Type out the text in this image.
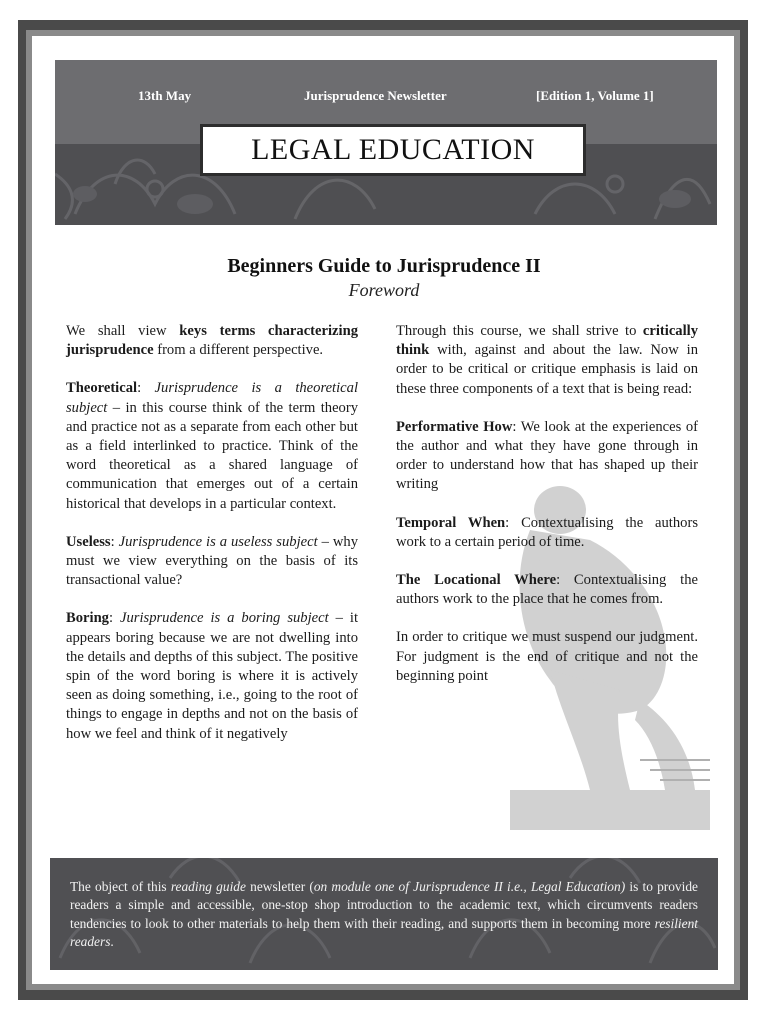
13th May	Jurisprudence Newsletter	[Edition 1, Volume 1]
LEGAL EDUCATION
Beginners Guide to Jurisprudence II
Foreword

We shall view keys terms characterizing jurisprudence from a different perspective.

Theoretical: Jurisprudence is a theoretical subject – in this course think of the term theory and practice not as a separate from each other but as a field interlinked to practice. Think of the word theoretical as a shared language of communication that emerges out of a certain historical that develops in a particular context.

Useless: Jurisprudence is a useless subject – why must we view everything on the basis of its transactional value?

Boring: Jurisprudence is a boring subject – it appears boring because we are not dwelling into the details and depths of this subject. The positive spin of the word boring is where it is actively seen as doing something, i.e., going to the root of things to engage in depths and not on the basis of how we feel and think of it negatively

Through this course, we shall strive to critically think with, against and about the law. Now in order to be critical or critique emphasis is laid on these three components of a text that is being read:

Performative How: We look at the experiences of the author and what they have gone through in order to understand how that has shaped up their writing

Temporal When: Contextualising the authors work to a certain period of time.

The Locational Where: Contextualising the authors work to the place that he comes from.

In order to critique we must suspend our judgment. For judgment is the end of critique and not the beginning point

The object of this reading guide newsletter (on module one of Jurisprudence II i.e., Legal Education) is to provide readers a simple and accessible, one-stop shop introduction to the academic text, which circumvents readers tendencies to look to other materials to help them with their reading, and supports them in becoming more resilient readers.
